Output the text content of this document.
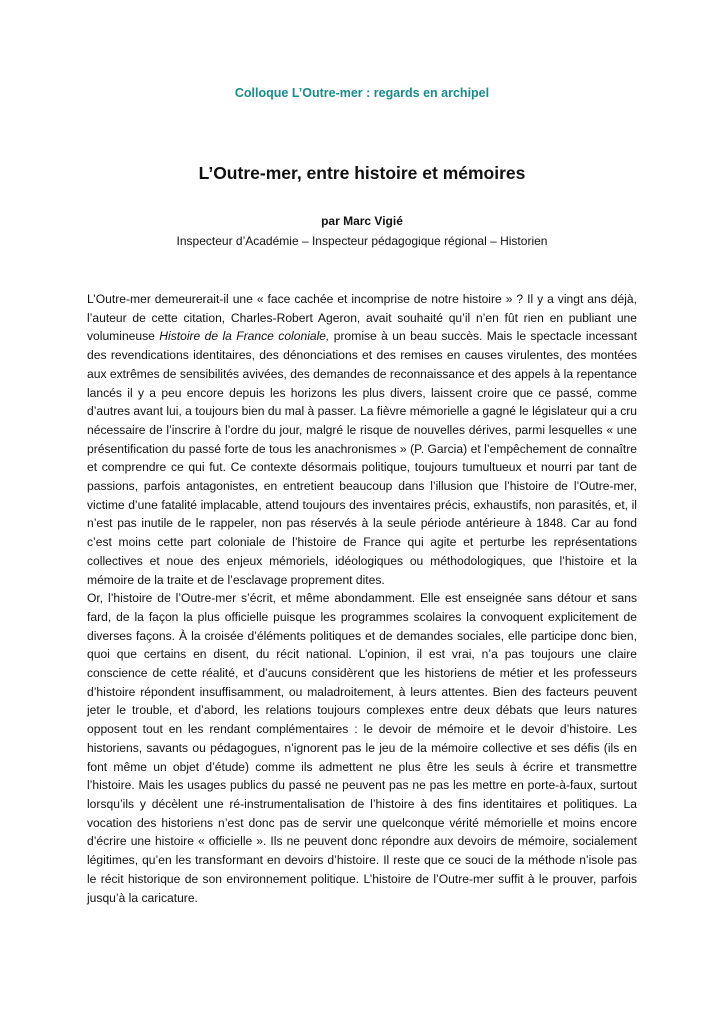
Colloque L’Outre-mer : regards en archipel
L’Outre-mer, entre histoire et mémoires
par Marc Vigié
Inspecteur d’Académie – Inspecteur pédagogique régional – Historien

L’Outre-mer demeurerait-il une « face cachée et incomprise de notre histoire » ? Il y a vingt ans déjà, l’auteur de cette citation, Charles-Robert Ageron, avait souhaité qu’il n’en fût rien en publiant une volumineuse Histoire de la France coloniale, promise à un beau succès. Mais le spectacle incessant des revendications identitaires, des dénonciations et des remises en causes virulentes, des montées aux extrêmes de sensibilités avivées, des demandes de reconnaissance et des appels à la repentance lancés il y a peu encore depuis les horizons les plus divers, laissent croire que ce passé, comme d’autres avant lui, a toujours bien du mal à passer. La fièvre mémorielle a gagné le législateur qui a cru nécessaire de l’inscrire à l’ordre du jour, malgré le risque de nouvelles dérives, parmi lesquelles « une présentification du passé forte de tous les anachronismes » (P. Garcia) et l’empêchement de connaître et comprendre ce qui fut. Ce contexte désormais politique, toujours tumultueux et nourri par tant de passions, parfois antagonistes, en entretient beaucoup dans l’illusion que l’histoire de l’Outre-mer, victime d’une fatalité implacable, attend toujours des inventaires précis, exhaustifs, non parasités, et, il n’est pas inutile de le rappeler, non pas réservés à la seule période antérieure à 1848. Car au fond c’est moins cette part coloniale de l’histoire de France qui agite et perturbe les représentations collectives et noue des enjeux mémoriels, idéologiques ou méthodologiques, que l’histoire et la mémoire de la traite et de l’esclavage proprement dites.

Or, l’histoire de l’Outre-mer s’écrit, et même abondamment. Elle est enseignée sans détour et sans fard, de la façon la plus officielle puisque les programmes scolaires la convoquent explicitement de diverses façons. À la croisée d’éléments politiques et de demandes sociales, elle participe donc bien, quoi que certains en disent, du récit national. L’opinion, il est vrai, n’a pas toujours une claire conscience de cette réalité, et d’aucuns considèrent que les historiens de métier et les professeurs d’histoire répondent insuffisamment, ou maladroitement, à leurs attentes. Bien des facteurs peuvent jeter le trouble, et d’abord, les relations toujours complexes entre deux débats que leurs natures opposent tout en les rendant complémentaires : le devoir de mémoire et le devoir d’histoire. Les historiens, savants ou pédagogues, n’ignorent pas le jeu de la mémoire collective et ses défis (ils en font même un objet d’étude) comme ils admettent ne plus être les seuls à écrire et transmettre l’histoire. Mais les usages publics du passé ne peuvent pas ne pas les mettre en porte-à-faux, surtout lorsqu’ils y décèlent une ré-instrumentalisation de l’histoire à des fins identitaires et politiques. La vocation des historiens n’est donc pas de servir une quelconque vérité mémorielle et moins encore d’écrire une histoire « officielle ». Ils ne peuvent donc répondre aux devoirs de mémoire, socialement légitimes, qu’en les transformant en devoirs d’histoire. Il reste que ce souci de la méthode n’isole pas le récit historique de son environnement politique. L’histoire de l’Outre-mer suffit à le prouver, parfois jusqu’à la caricature.
